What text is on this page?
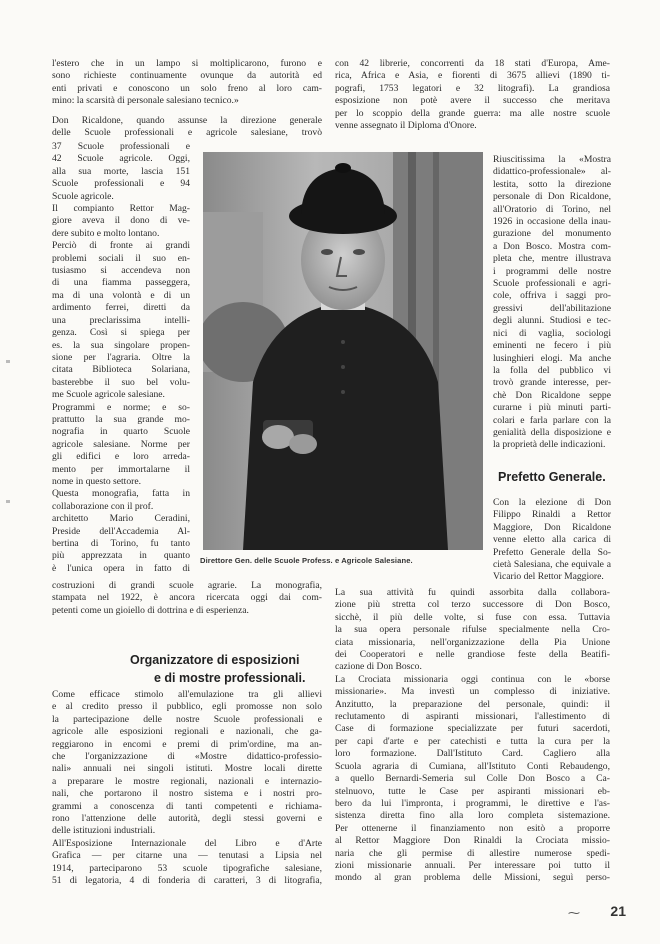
l'estero che in un lampo si moltiplicarono, furono e
sono richieste continuamente ovunque da autorità ed
enti privati e conoscono un solo freno al loro cam-
mino: la scarsità di personale salesiano tecnico.»
con 42 librerie, concorrenti da 18 stati d'Europa, Ame-
rica, Africa e Asia, e fiorenti di 3675 allievi (1890 ti-
pografi, 1753 legatori e 32 litografi). La grandiosa
esposizione non potè avere il successo che meritava
per lo scoppio della grande guerra: ma alle nostre scuole
venne assegnato il Diploma d'Onore.
Don Ricaldone, quando assunse la direzione generale
delle Scuole professionali e agricole salesiane, trovò
37 Scuole professionali e
42 Scuole agricole. Oggi,
alla sua morte, lascia 151
Scuole professionali e 94
Scuole agricole.
Il compianto Rettor Mag-
giore aveva il dono di ve-
dere subito e molto lontano.
Perciò di fronte ai grandi
problemi sociali il suo en-
tusiasmo si accendeva non
di una fiamma passeggera,
ma di una volontà e di un
ardimento ferrei, diretti da
una preclarissima intelli-
genza. Così si spiega per
es. la sua singolare propen-
sione per l'agraria. Oltre la
citata Biblioteca Solariana,
basterebbe il suo bel volu-
me Scuole agricole salesiane.
Programmi e norme; e so-
prattutto la sua grande mo-
nografia in quarto Scuole
agricole salesiane. Norme per
gli edifici e loro arreda-
mento per immortalarne il
nome in questo settore.
Questa monografia, fatta in
collaborazione con il prof.
architetto Mario Ceradini,
Preside dell'Accademia Al-
bertina di Torino, fu tanto
più apprezzata in quanto
è l'unica opera in fatto di
Riuscitissima la «Mostra
didattico-professionale» al-
lestita, sotto la direzione
personale di Don Ricaldone,
all'Oratorio di Torino, nel
1926 in occasione della inau-
gurazione del monumento
a Don Bosco. Mostra com-
pleta che, mentre illustrava
i programmi delle nostre
Scuole professionali e agri-
cole, offriva i saggi pro-
gressivi dell'abilitazione
degli alunni. Studiosi e tec-
nici di vaglia, sociologi
eminenti ne fecero i più
lusinghieri elogi. Ma anche
la folla del pubblico vi
trovò grande interesse, per-
chè Don Ricaldone seppe
curarne i più minuti parti-
colari e farla parlare con la
genialità della disposizione e
la proprietà delle indicazioni.
Prefetto Generale.
Con la elezione di Don
Filippo Rinaldi a Rettor
Maggiore, Don Ricaldone
venne eletto alla carica di
Prefetto Generale della So-
cietà Salesiana, che equivale a
Vicario del Rettor Maggiore.
Direttore Gen. delle Scuole Profess. e Agricole Salesiane.
costruzioni di grandi scuole agrarie. La monografia,
stampata nel 1922, è ancora ricercata oggi dai com-
petenti come un gioiello di dottrina e di esperienza.
Organizzatore di esposizioni
e di mostre professionali.
Come efficace stimolo all'emulazione tra gli allievi
e al credito presso il pubblico, egli promosse non solo
la partecipazione delle nostre Scuole professionali e
agricole alle esposizioni regionali e nazionali, che ga-
reggiarono in encomi e premi di prim'ordine, ma an-
che l'organizzazione di «Mostre didattico-professio-
nali» annuali nei singoli istituti. Mostre locali dirette
a preparare le mostre regionali, nazionali e internazio-
nali, che portarono il nostro sistema e i nostri pro-
grammi a conoscenza di tanti competenti e richiama-
rono l'attenzione delle autorità, degli stessi governi e
delle istituzioni industriali.
All'Esposizione Internazionale del Libro e d'Arte
Grafica — per citarne una — tenutasi a Lipsia nel
1914, parteciparono 53 scuole tipografiche salesiane,
51 di legatoria, 4 di fonderia di caratteri, 3 di litografia,
La sua attività fu quindi assorbita dalla collabora-
zione più stretta col terzo successore di Don Bosco,
sicchè, il più delle volte, si fuse con essa. Tuttavia
la sua opera personale rifulse specialmente nella Cro-
ciata missionaria, nell'organizzazione della Pia Unione
dei Cooperatori e nelle grandiose feste della Beatifi-
cazione di Don Bosco.
La Crociata missionaria oggi continua con le «borse
missionarie». Ma investì un complesso di iniziative.
Anzitutto, la preparazione del personale, quindi: il
reclutamento di aspiranti missionari, l'allestimento di
Case di formazione specializzate per futuri sacerdoti,
per capi d'arte e per catechisti e tutta la cura per la
loro formazione. Dall'Istituto Card. Cagliero alla
Scuola agraria di Cumiana, all'Istituto Conti Rebaudengo,
a quello Bernardi-Semeria sul Colle Don Bosco a Ca-
stelnuovo, tutte le Case per aspiranti missionari eb-
bero da lui l'impronta, i programmi, le direttive e l'as-
sistenza diretta fino alla loro completa sistemazione.
Per ottenerne il finanziamento non esitò a proporre
al Rettor Maggiore Don Rinaldi la Crociata missio-
naria che gli permise di allestire numerose spedi-
zioni missionarie annuali. Per interessare poi tutto il
mondo al gran problema delle Missioni, seguì perso-
⁓ 21
